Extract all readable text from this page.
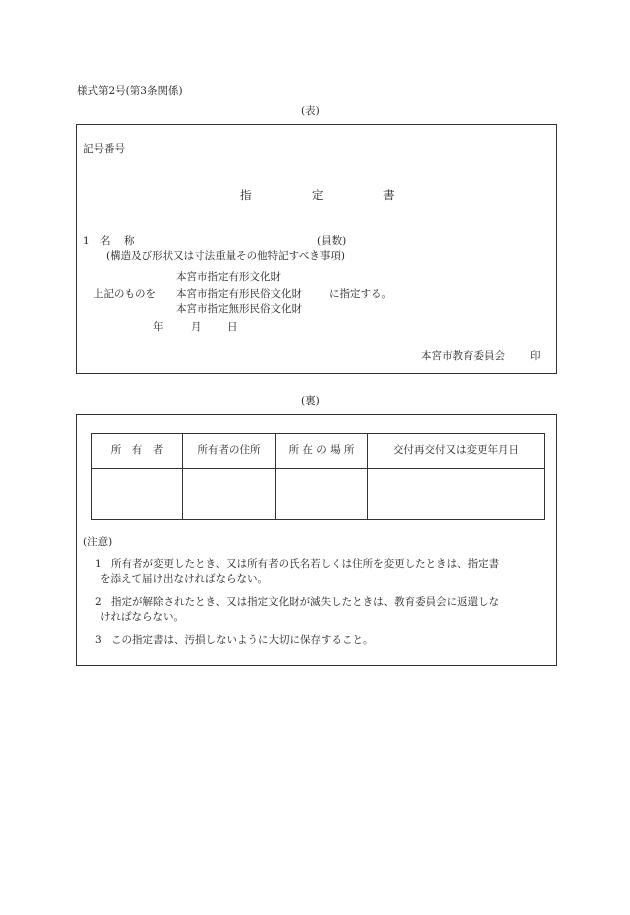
様式第2号(第3条関係)
(表)
記号番号
指	定	書
1 名 称	(員数)
(構造及び形状又は寸法重量その他特記すべき事項)
本宮市指定有形文化財
上記のものを 本宮市指定有形民俗文化財	に指定する。
本宮市指定無形民俗文化財
年	月 日
本宮市教育委員会 印
(裏)
所　有　者	所有者の住所	所 在 の 場 所	交付再交付又は変更年月日

(注意)
1 所有者が変更したとき、又は所有者の氏名若しくは住所を変更したときは、指定書
を添えて届け出なければならない。
2 指定が解除されたとき、又は指定文化財が滅失したときは、教育委員会に返還しな
ければならない。
3 この指定書は、汚損しないように大切に保存すること。
